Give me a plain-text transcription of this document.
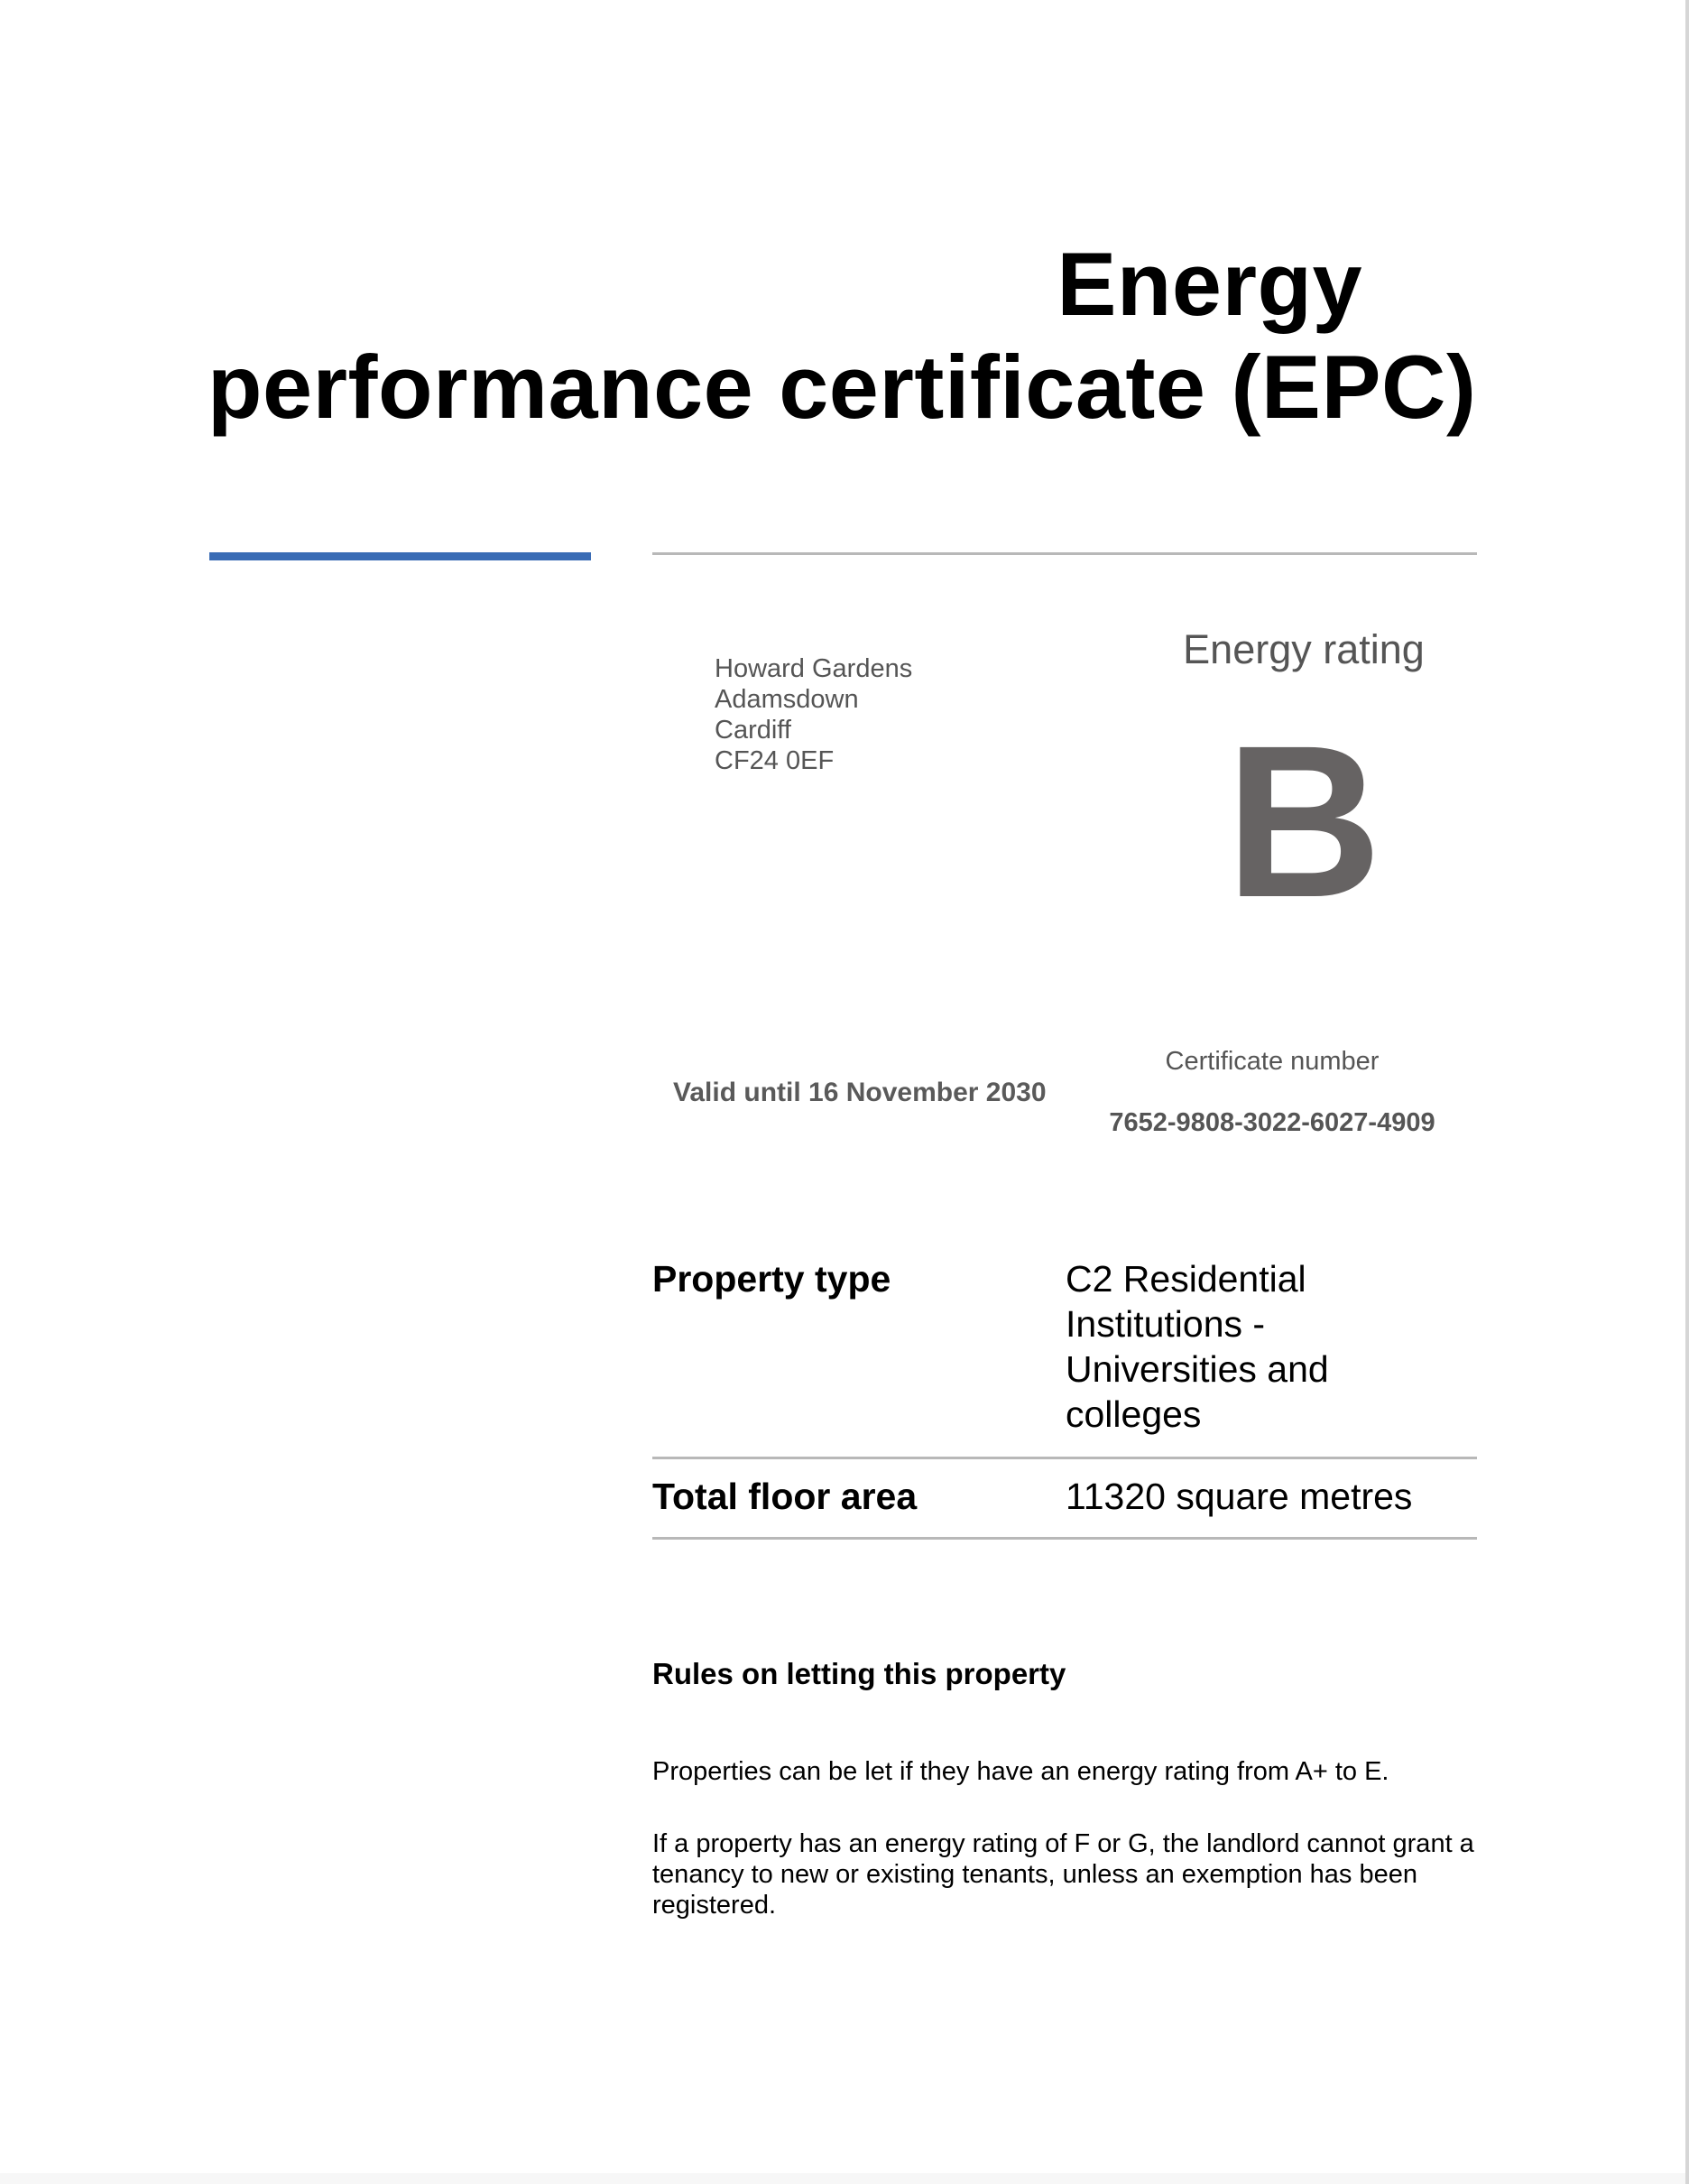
Energy
performance certificate (EPC)
Howard Gardens
Adamsdown
Cardiff
CF24 0EF
Energy rating
B
Valid until 16 November 2030
Certificate number
7652-9808-3022-6027-4909
Property type	C2 Residential
Institutions -
Universities and
colleges
Total floor area	11320 square metres
Rules on letting this property

Properties can be let if they have an energy rating from A+ to E.

If a property has an energy rating of F or G, the landlord cannot grant a tenancy to new or existing tenants, unless an exemption has been registered.
